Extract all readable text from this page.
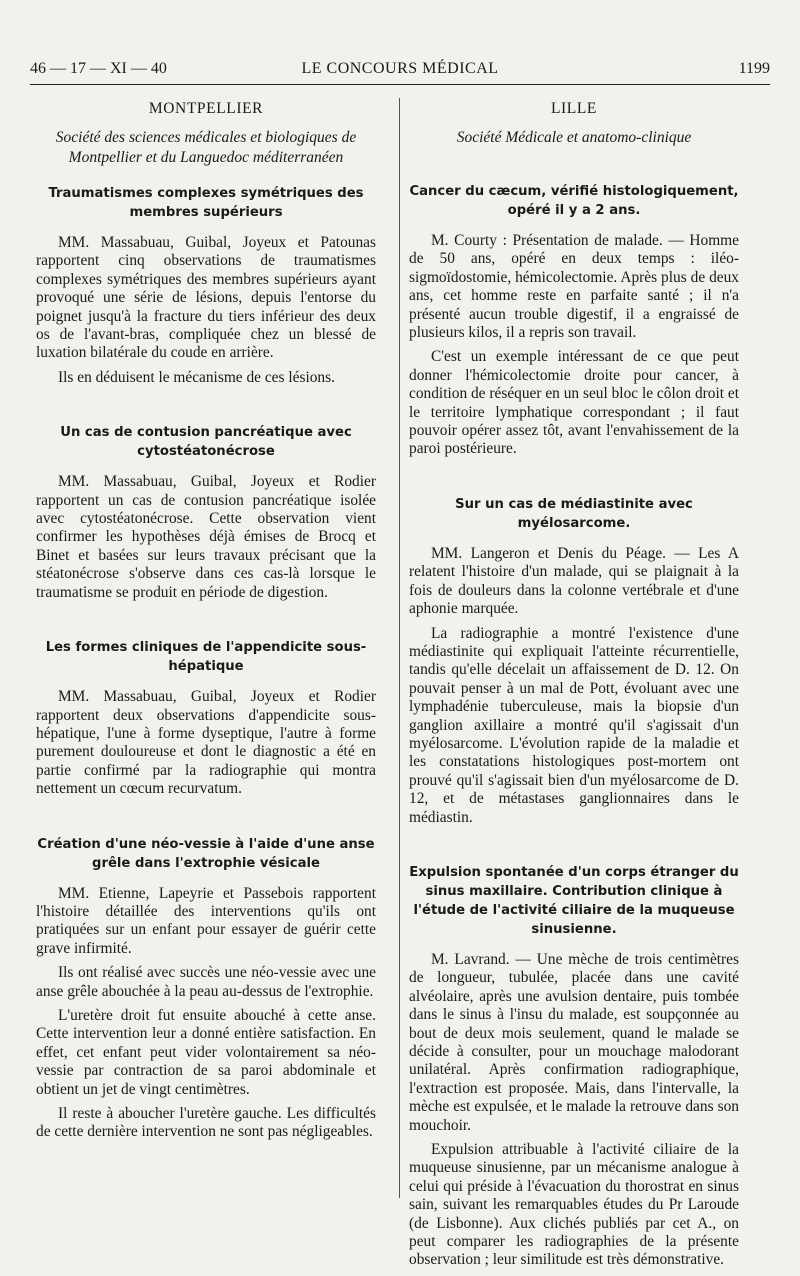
46 — 17 — XI — 40	LE CONCOURS MÉDICAL	1199
MONTPELLIER
Société des sciences médicales et biologiques de Montpellier et du Languedoc méditerranéen
Traumatismes complexes symétriques des membres supérieurs

MM. Massabuau, Guibal, Joyeux et Patounas rapportent cinq observations de traumatismes complexes symétriques des membres supérieurs ayant provoqué une série de lésions, depuis l'entorse du poignet jusqu'à la fracture du tiers inférieur des deux os de l'avant-bras, compliquée chez un blessé de luxation bilatérale du coude en arrière.

Ils en déduisent le mécanisme de ces lésions.

Un cas de contusion pancréatique avec cytostéatonécrose

MM. Massabuau, Guibal, Joyeux et Rodier rapportent un cas de contusion pancréatique isolée avec cytostéatonécrose. Cette observation vient confirmer les hypothèses déjà émises de Brocq et Binet et basées sur leurs travaux précisant que la stéatonécrose s'observe dans ces cas-là lorsque le traumatisme se produit en période de digestion.

Les formes cliniques de l'appendicite sous-hépatique

MM. Massabuau, Guibal, Joyeux et Rodier rapportent deux observations d'appendicite sous-hépatique, l'une à forme dyseptique, l'autre à forme purement douloureuse et dont le diagnostic a été en partie confirmé par la radiographie qui montra nettement un cœcum recurvatum.

Création d'une néo-vessie à l'aide d'une anse grêle dans l'extrophie vésicale

MM. Etienne, Lapeyrie et Passebois rapportent l'histoire détaillée des interventions qu'ils ont pratiquées sur un enfant pour essayer de guérir cette grave infirmité.

Ils ont réalisé avec succès une néo-vessie avec une anse grêle abouchée à la peau au-dessus de l'extrophie.

L'uretère droit fut ensuite abouché à cette anse. Cette intervention leur a donné entière satisfaction. En effet, cet enfant peut vider volontairement sa néo-vessie par contraction de sa paroi abdominale et obtient un jet de vingt centimètres.

Il reste à aboucher l'uretère gauche. Les difficultés de cette dernière intervention ne sont pas négligeables.

LILLE
Société Médicale et anatomo-clinique
Cancer du cæcum, vérifié histologiquement, opéré il y a 2 ans.

M. Courty : Présentation de malade. — Homme de 50 ans, opéré en deux temps : iléo-sigmoïdostomie, hémicolectomie. Après plus de deux ans, cet homme reste en parfaite santé ; il n'a présenté aucun trouble digestif, il a engraissé de plusieurs kilos, il a repris son travail.

C'est un exemple intéressant de ce que peut donner l'hémicolectomie droite pour cancer, à condition de réséquer en un seul bloc le côlon droit et le territoire lymphatique correspondant ; il faut pouvoir opérer assez tôt, avant l'envahissement de la paroi postérieure.

Sur un cas de médiastinite avec myélosarcome.

MM. Langeron et Denis du Péage. — Les A relatent l'histoire d'un malade, qui se plaignait à la fois de douleurs dans la colonne vertébrale et d'une aphonie marquée.

La radiographie a montré l'existence d'une médiastinite qui expliquait l'atteinte récurrentielle, tandis qu'elle décelait un affaissement de D. 12. On pouvait penser à un mal de Pott, évoluant avec une lymphadénie tuberculeuse, mais la biopsie d'un ganglion axillaire a montré qu'il s'agissait d'un myélosarcome. L'évolution rapide de la maladie et les constatations histologiques post-mortem ont prouvé qu'il s'agissait bien d'un myélosarcome de D. 12, et de métastases ganglionnaires dans le médiastin.

Expulsion spontanée d'un corps étranger du sinus maxillaire. Contribution clinique à l'étude de l'activité ciliaire de la muqueuse sinusienne.

M. Lavrand. — Une mèche de trois centimètres de longueur, tubulée, placée dans une cavité alvéolaire, après une avulsion dentaire, puis tombée dans le sinus à l'insu du malade, est soupçonnée au bout de deux mois seulement, quand le malade se décide à consulter, pour un mouchage malodorant unilatéral. Après confirmation radiographique, l'extraction est proposée. Mais, dans l'intervalle, la mèche est expulsée, et le malade la retrouve dans son mouchoir.

Expulsion attribuable à l'activité ciliaire de la muqueuse sinusienne, par un mécanisme analogue à celui qui préside à l'évacuation du thorostrat en sinus sain, suivant les remarquables études du Pr Laroude (de Lisbonne). Aux clichés publiés par cet A., on peut comparer les radiographies de la présente observation ; leur similitude est très démonstrative.
